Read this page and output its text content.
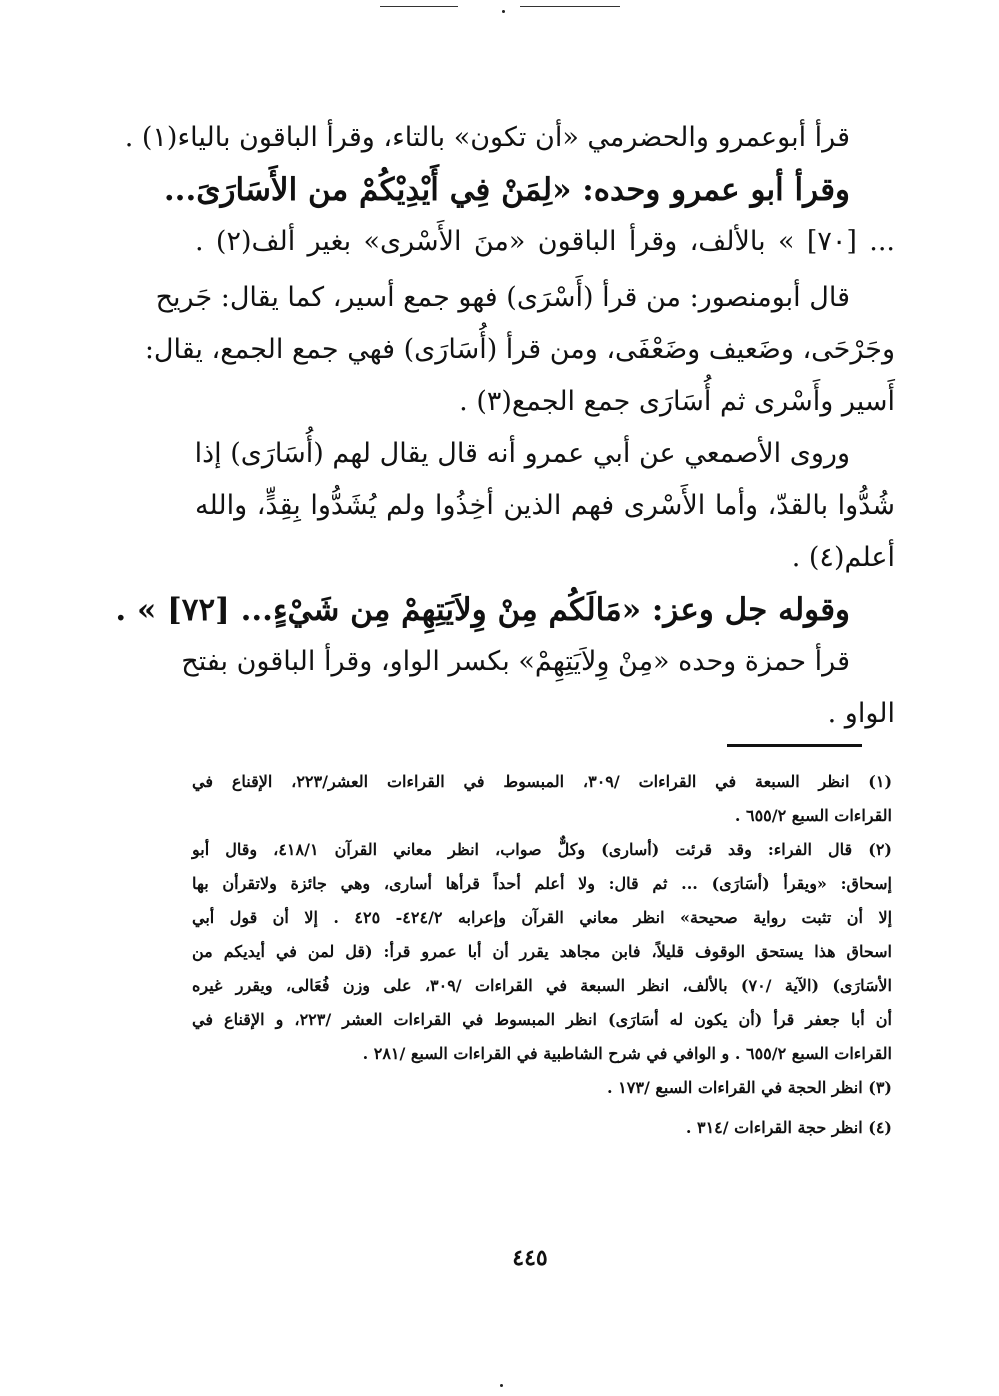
قرأ أبوعمرو والحضرمي «أن تكون» بالتاء، وقرأ الباقون بالياء(١) .
وقرأ أبو عمرو وحده: «لِمَنْ فِي أَيْدِيْكُمْ من الأَسَارَىَ...
... [٧٠] » بالألف، وقرأ الباقون «منَ الأَسْرى» بغير ألف(٢) .
قال أبومنصور: من قرأ (أَسْرَى) فهو جمع أسير، كما يقال: جَريح
وجَرْحَى، وضَعيف وضَعْفَى، ومن قرأ (أُسَارَى) فهي جمع الجمع، يقال:
أَسير وأَسْرى ثم أُسَارَى جمع الجمع(٣) .
وروى الأصمعي عن أبي عمرو أنه قال يقال لهم (أُسَارَى) إذا
شُدُّوا بالقدّ، وأما الأَسْرى فهم الذين أخِذُوا ولم يُشَدُّوا بِقِدٍّ، والله
أعلم(٤) .
وقوله جل وعز: «مَالَكُم مِنْ وِلاَيَتِهِمْ مِن شَيْءٍ... [٧٢] » .
قرأ حمزة وحده «مِنْ وِلاَيَتِهِمْ» بكسر الواو، وقرأ الباقون بفتح
الواو .
(١) انظر السبعة في القراءات /٣٠٩، المبسوط في القراءات العشر/٢٢٣، الإقناع في
القراءات السبع ٦٥٥/٢ .
(٢) قال الفراء: وقد قرئت (أسارى) وكلٌّ صواب، انظر معاني القرآن ٤١٨/١، وقال أبو
إسحاق: «ويقرأ (أسَارَى) ... ثم قال: ولا أعلم أحداً قرأها أسارى، وهي جائزة ولاتقرأن بها
إلا أن تثبت رواية صحيحة» انظر معاني القرآن وإعرابه ٤٢٤/٢- ٤٢٥ . إلا أن قول أبي
اسحاق هذا يستحق الوقوف قليلاً، فابن مجاهد يقرر أن أبا عمرو قرأ: (قل لمن في أيديكم من
الأسَارَى) (الآية /٧٠) بالألف، انظر السبعة في القراءات /٣٠٩، على وزن فُعَالى، ويقرر غيره
أن أبا جعفر قرأ (أن يكون له أسَارَى) انظر المبسوط في القراءات العشر /٢٢٣، و الإقناع في
القراءات السبع ٦٥٥/٢ . و الوافي في شرح الشاطبية في القراءات السبع /٢٨١ .
(٣) انظر الحجة في القراءات السبع /١٧٣ .
(٤) انظر حجة القراءات /٣١٤ .
٤٤٥
